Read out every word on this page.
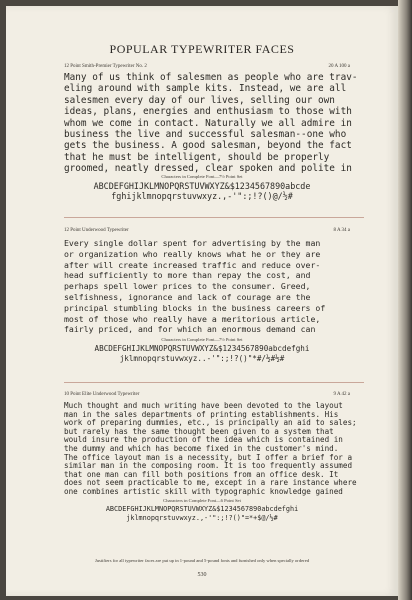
POPULAR TYPEWRITER FACES
12 Point Smith-Premier Typewriter No. 2	20 A 100 a
Many of us think of salesmen as people who are trav-
eling around with sample kits. Instead, we are all
salesmen every day of our lives, selling our own
ideas, plans, energies and enthusiasm to those with
whom we come in contact. Naturally we all admire in
business the live and successful salesman--one who
gets the business. A good salesman, beyond the fact
that he must be intelligent, should be properly
groomed, neatly dressed, clear spoken and polite in
Characters in Complete Font—7½ Point Set
ABCDEFGHIJKLMNOPQRSTUVWXYZ&$1234567890abcde
fghijklmnopqrstuvwxyz.,-'":;!?()@/½#
12 Point Underwood Typewriter	8 A 34 a
Every single dollar spent for advertising by the man
or organization who really knows what he or they are
after will create increased traffic and reduce over-
head sufficiently to more than repay the cost, and
perhaps spell lower prices to the consumer. Greed,
selfishness, ignorance and lack of courage are the
principal stumbling blocks in the business careers of
most of those who really have a meritorious article,
fairly priced, and for which an enormous demand can
Characters in Complete Font—7½ Point Set
ABCDEFGHIJKLMNOPQRSTUVWXYZ&$1234567890abcdefghi
jklmnopqrstuvwxyz..-'":;!?()"*#/½#½#
10 Point Elite Underwood Typewriter	9 A 42 a
Much thought and much writing have been devoted to the layout
man in the sales departments of printing establishments. His
work of preparing dummies, etc., is principally an aid to sales;
but rarely has the same thought been given to a system that
would insure the production of the idea which is contained in
the dummy and which has become fixed in the customer's mind.
The office layout man is a necessity, but I offer a brief for a
similar man in the composing room. It is too frequently assumed
that one man can fill both positions from an office desk. It
does not seem practicable to me, except in a rare instance where
one combines artistic skill with typographic knowledge gained
Characters in Complete Font—6 Point Set
ABCDEFGHIJKLMNOPQRSTUVWXYZ&$1234567890abcdefghi
jklmnopqrstuvwxyz.,-'":;!?()"=*+$@/½#
Justifiers for all typewriter faces are put up in 1-pound and 5-pound fonts and furnished only when specially ordered
530
